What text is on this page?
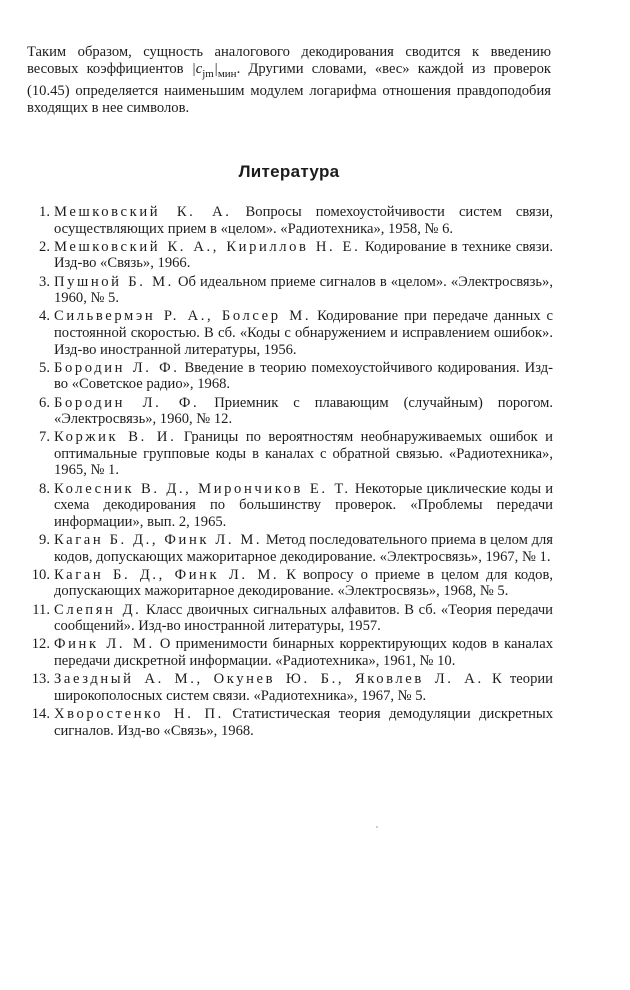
Таким образом, сущность аналогового декодирования сводится к введению весовых коэффициентов $|c_{jm}|_{мин}$. Другими словами, «вес» каждой из проверок (10.45) определяется наименьшим модулем логарифма отношения правдоподобия входящих в нее символов.

Литература
1. Мешковский К. А. Вопросы помехоустойчивости систем связи, осуществляющих прием в «целом». «Радиотехника», 1958, № 6.
2. Мешковский К. А., Кириллов Н. Е. Кодирование в технике связи. Изд-во «Связь», 1966.
3. Пушной Б. М. Об идеальном приеме сигналов в «целом». «Электросвязь», 1960, № 5.
4. Сильвермэн Р. А., Болсер М. Кодирование при передаче данных с постоянной скоростью. В сб. «Коды с обнаружением и исправлением ошибок». Изд-во иностранной литературы, 1956.
5. Бородин Л. Ф. Введение в теорию помехоустойчивого кодирования. Изд-во «Советское радио», 1968.
6. Бородин Л. Ф. Приемник с плавающим (случайным) порогом. «Электросвязь», 1960, № 12.
7. Коржик В. И. Границы по вероятностям необнаруживаемых ошибок и оптимальные групповые коды в каналах с обратной связью. «Радиотехника», 1965, № 1.
8. Колесник В. Д., Мирончиков Е. Т. Некоторые циклические коды и схема декодирования по большинству проверок. «Проблемы передачи информации», вып. 2, 1965.
9. Каган Б. Д., Финк Л. М. Метод последовательного приема в целом для кодов, допускающих мажоритарное декодирование. «Электросвязь», 1967, № 1.
10. Каган Б. Д., Финк Л. М. К вопросу о приеме в целом для кодов, допускающих мажоритарное декодирование. «Электросвязь», 1968, № 5.
11. Слепян Д. Класс двоичных сигнальных алфавитов. В сб. «Теория передачи сообщений». Изд-во иностранной литературы, 1957.
12. Финк Л. М. О применимости бинарных корректирующих кодов в каналах передачи дискретной информации. «Радиотехника», 1961, № 10.
13. Заездный А. М., Окунев Ю. Б., Яковлев Л. А. К теории широкополосных систем связи. «Радиотехника», 1967, № 5.
14. Хворостенко Н. П. Статистическая теория демодуляции дискретных сигналов. Изд-во «Связь», 1968.
